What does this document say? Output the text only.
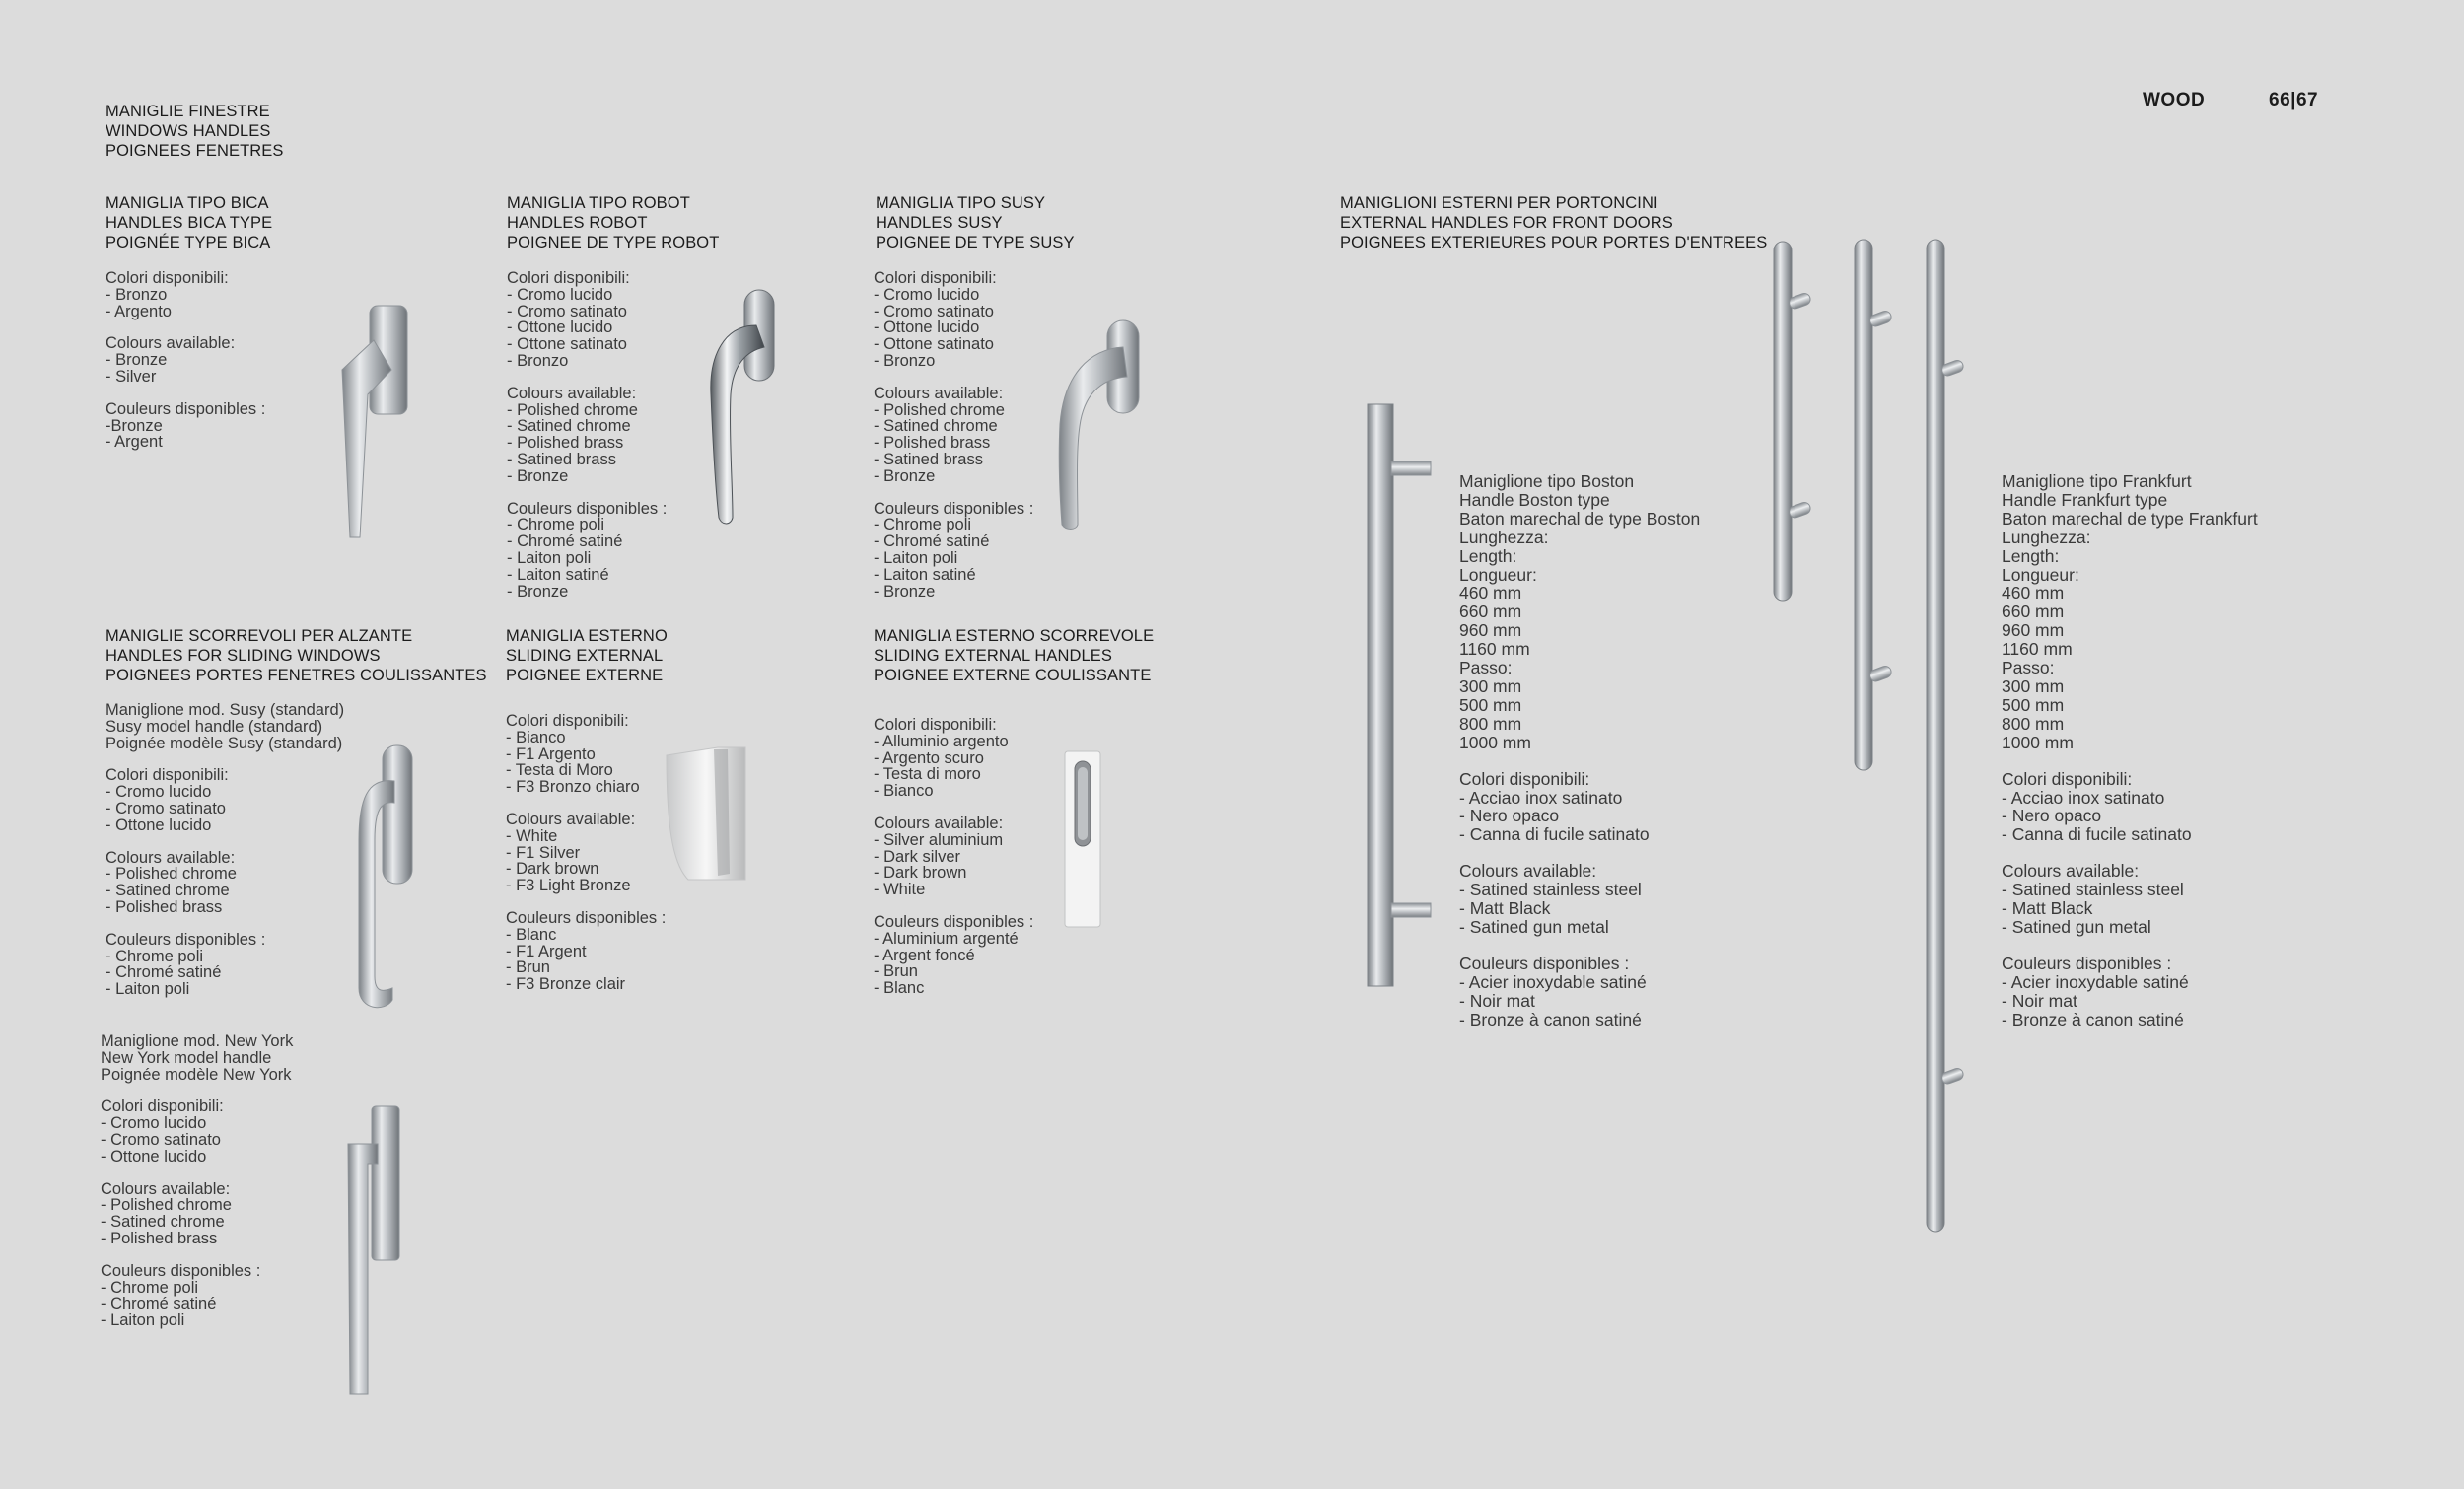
MANIGLIE FINESTRE
WINDOWS HANDLES
POIGNEES FENETRES
WOOD	66|67
MANIGLIA TIPO BICA
HANDLES BICA TYPE
POIGNÉE TYPE BICA
Colori disponibili:
- Bronzo
- Argento
Colours available:
- Bronze
- Silver
Couleurs disponibles :
-Bronze
- Argent
MANIGLIA TIPO ROBOT
HANDLES ROBOT
POIGNEE DE TYPE ROBOT
Colori disponibili:
- Cromo lucido
- Cromo satinato
- Ottone lucido
- Ottone satinato
- Bronzo
Colours available:
- Polished chrome
- Satined chrome
- Polished brass
- Satined brass
- Bronze
Couleurs disponibles :
- Chrome poli
- Chromé satiné
- Laiton poli
- Laiton satiné
- Bronze
MANIGLIA TIPO SUSY
HANDLES SUSY
POIGNEE DE TYPE SUSY
Colori disponibili:
- Cromo lucido
- Cromo satinato
- Ottone lucido
- Ottone satinato
- Bronzo
Colours available:
- Polished chrome
- Satined chrome
- Polished brass
- Satined brass
- Bronze
Couleurs disponibles :
- Chrome poli
- Chromé satiné
- Laiton poli
- Laiton satiné
- Bronze
MANIGLIE SCORREVOLI PER ALZANTE
HANDLES FOR SLIDING WINDOWS
POIGNEES PORTES FENETRES COULISSANTES
Maniglione mod. Susy (standard)
Susy model handle (standard)
Poignée modèle Susy (standard)
Colori disponibili:
- Cromo lucido
- Cromo satinato
- Ottone lucido
Colours available:
- Polished chrome
- Satined chrome
- Polished brass
Couleurs disponibles :
- Chrome poli
- Chromé satiné
- Laiton poli
Maniglione mod. New York
New York model handle
Poignée modèle New York
Colori disponibili:
- Cromo lucido
- Cromo satinato
- Ottone lucido
Colours available:
- Polished chrome
- Satined chrome
- Polished brass
Couleurs disponibles :
- Chrome poli
- Chromé satiné
- Laiton poli
MANIGLIA ESTERNO
SLIDING EXTERNAL
POIGNEE EXTERNE
Colori disponibili:
- Bianco
- F1 Argento
- Testa di Moro
- F3 Bronzo chiaro
Colours available:
- White
- F1 Silver
- Dark brown
- F3 Light Bronze
Couleurs disponibles :
- Blanc
- F1 Argent
- Brun
- F3 Bronze clair
MANIGLIA ESTERNO SCORREVOLE
SLIDING EXTERNAL HANDLES
POIGNEE EXTERNE COULISSANTE
Colori disponibili:
- Alluminio argento
- Argento scuro
- Testa di moro
- Bianco
Colours available:
- Silver aluminium
- Dark silver
- Dark brown
- White
Couleurs disponibles :
- Aluminium argenté
- Argent foncé
- Brun
- Blanc
MANIGLIONI ESTERNI PER PORTONCINI
EXTERNAL HANDLES FOR FRONT DOORS
POIGNEES EXTERIEURES POUR PORTES D'ENTREES
Maniglione tipo Boston
Handle Boston type
Baton marechal de type Boston
Lunghezza:
Length:
Longueur:
460 mm
660 mm
960 mm
1160 mm
Passo:
300 mm
500 mm
800 mm
1000 mm
Colori disponibili:
- Acciao inox satinato
- Nero opaco
- Canna di fucile satinato
Colours available:
- Satined stainless steel
- Matt Black
- Satined gun metal
Couleurs disponibles :
- Acier inoxydable satiné
- Noir mat
- Bronze à canon satiné
Maniglione tipo Frankfurt
Handle Frankfurt type
Baton marechal de type Frankfurt
Lunghezza:
Length:
Longueur:
460 mm
660 mm
960 mm
1160 mm
Passo:
300 mm
500 mm
800 mm
1000 mm
Colori disponibili:
- Acciao inox satinato
- Nero opaco
- Canna di fucile satinato
Colours available:
- Satined stainless steel
- Matt Black
- Satined gun metal
Couleurs disponibles :
- Acier inoxydable satiné
- Noir mat
- Bronze à canon satiné
